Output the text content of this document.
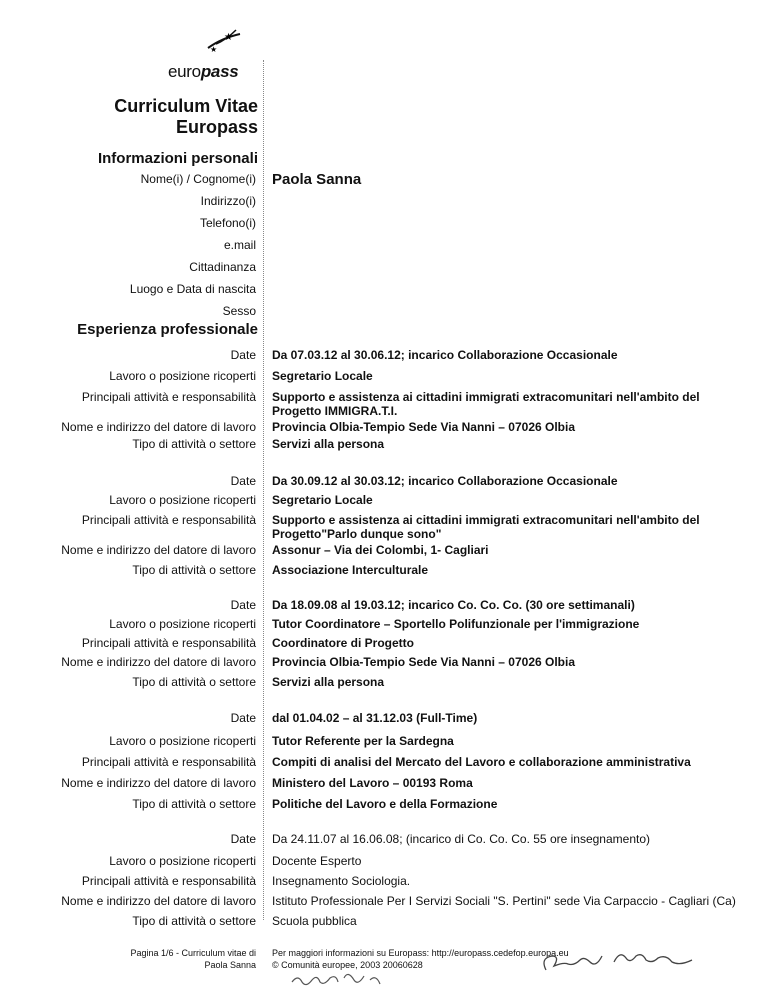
★
★
europass
Curriculum Vitae
Europass
Informazioni personali
Nome(i) / Cognome(i) Paola Sanna
Indirizzo(i)
Telefono(i)
e.mail
Cittadinanza
Luogo e Data di nascita
Sesso
Esperienza professionale
Date Da 07.03.12 al 30.06.12; incarico Collaborazione Occasionale
Lavoro o posizione ricoperti Segretario Locale
Principali attività e responsabilità Supporto e assistenza ai cittadini immigrati extracomunitari nell'ambito del Progetto IMMIGRA.T.I.
Nome e indirizzo del datore di lavoro Provincia Olbia-Tempio Sede Via Nanni – 07026 Olbia
Tipo di attività o settore Servizi alla persona
Date Da 30.09.12 al 30.03.12; incarico Collaborazione Occasionale
Lavoro o posizione ricoperti Segretario Locale
Principali attività e responsabilità Supporto e assistenza ai cittadini immigrati extracomunitari nell'ambito del Progetto"Parlo dunque sono"
Nome e indirizzo del datore di lavoro Assonur – Via dei Colombi, 1- Cagliari
Tipo di attività o settore Associazione Interculturale
Date Da 18.09.08 al 19.03.12; incarico Co. Co. Co. (30 ore settimanali)
Lavoro o posizione ricoperti Tutor Coordinatore – Sportello Polifunzionale per l'immigrazione
Principali attività e responsabilità Coordinatore di Progetto
Nome e indirizzo del datore di lavoro Provincia Olbia-Tempio Sede Via Nanni – 07026 Olbia
Tipo di attività o settore Servizi alla persona
Date dal 01.04.02 – al 31.12.03 (Full-Time)
Lavoro o posizione ricoperti Tutor Referente per la Sardegna
Principali attività e responsabilità Compiti di analisi del Mercato del Lavoro e collaborazione amministrativa
Nome e indirizzo del datore di lavoro Ministero del Lavoro – 00193 Roma
Tipo di attività o settore Politiche del Lavoro e della Formazione
Date Da 24.11.07 al 16.06.08; (incarico di Co. Co. Co. 55 ore insegnamento)
Lavoro o posizione ricoperti Docente Esperto
Principali attività e responsabilità Insegnamento Sociologia.
Nome e indirizzo del datore di lavoro Istituto Professionale Per I Servizi Sociali "S. Pertini" sede Via Carpaccio - Cagliari (Ca)
Tipo di attività o settore Scuola pubblica
Pagina 1/6 - Curriculum vitae di
Paola Sanna
Per maggiori informazioni su Europass: http://europass.cedefop.europa.eu
© Comunità europee, 2003 20060628
